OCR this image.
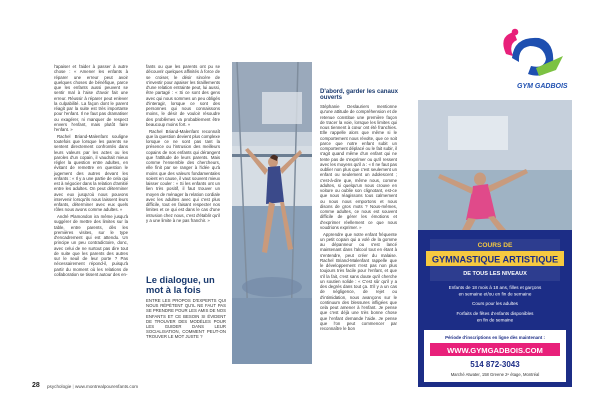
l'apaiser et l'aider à passer à autre chose : « Amener les enfants à réparer une erreur peut avoir quelques choses de bénéfique, parce que les enfants aussi peuvent se sentir mal à l'aise d'avoir fait une erreur. Réussir à réparer peut enlever la culpabilité. La façon dont le parent réagit par la suite est très importante pour l'enfant. Il ne faut pas dramatiser ou exagérer, ni manquer de respect envers l'enfant, mais plutôt faire l'enfant. »

Rachel Briand-Malenfant souligne toutefois que lorsque les parents se sentent directement confrontés dans leurs valeurs par les actes ou les paroles d'un copain, il vaudrait mieux régler la question entre adultes, en évitant de remettre en question le jugement des autres devant les enfants : « Il y a une partie de cela qui est à négocier dans la relation d'amitié entre les adultes. On peut déterminer avec eux jusqu'où nous pouvons intervenir lorsqu'ils nous laissent leurs enfants, déterminer avec eux quels rôles nous avons comme adultes. »

André Plamondon ira même jusqu'à suggérer de mettre des limites sur la table, entre parents, dès les premières visites, sur le type d'encadrement qui est attendu. Un principe un peu contradictoire, donc, avec celui de ne surtout pas dire tout de suite que les parents des autres sur le seuil de leur porte ? Pas nécessairement répond-il, puisqu'à partir du moment où les relations de collaboration se tissent autour des en-

fants ou que les parents ont pu se découvrir quelques affinités à force de se croiser, le désir sincère de s'investir pour apaiser les tiraillements d'une relation entrainte peut, lui aussi, être partagé : « Si ce sont des gens avec qui nous sommes un peu obligés d'interagir, lorsque ce sont des personnes qui nous connaissons moins, le désir de vouloir résoudre des problèmes va probablement être beaucoup moins fort. »

Rachel Briand-Malenfant reconnaît que la question devient plus complexe lorsque ce ne sont pas tant la présence ou l'intrusion des meilleurs copains de nos enfants qui dérangent que l'attitude de leurs parents. Mais comme l'ensemble des chercheurs, elle finit par se ranger à l'idée qu'à moins que des valeurs fondamentales soient en cause, il vaut souvent mieux laisser couler : « Si les enfants ont un lien très positif, il faut trouver un moyen de ménager la relation cordiale avec les adultes avec qui c'est plus difficile, tout en faisant respecter nos limites et ce qui est dans le cas d'une intrusion chez nous, c'est d'établir qu'il y a une limite à ne pas franchir. »

Le dialogue, un mot à la fois
ENTRE LES PROPOS D'EXPERTS QUI NOUS RÉPÈTENT QU'IL NE FAUT PAS SE PRENDRE POUR LES AMIS DE NOS ENFANTS ET CE BESOIN SI ÉVIDENT DE TROUVER DES MODÈLES POUR LES GUIDER DANS LEUR SOCIALISATION, COMMENT PEUT-ON TROUVER LE MOT JUSTE ?
D'abord, garder les canaux ouverts

Stéphanie Deslauriers mentionne qu'une attitude de compréhension et de retenue constitue une première façon de tracer la voie, lorsque les limites qui nous tiennent à cœur ont été franchies. Elle rappelle alors que même si le comportement nous révolte, que ce soit parce que notre enfant subit un comportement déplacé ou le fait subir, il s'agit quand même d'un enfant qui ne tente pas de s'exprimer ou qu'il ressent avec les moyens qu'il a : « Il ne faut pas oublier non plus que c'est seulement un enfant ou seulement un adolescent ; c'est-à-dire que, même nous, comme adultes, si quelqu'un nous crouve en voiture ou oublie son clignotant, est-ce que nous réagissons tous calmement ou nous nous emportons et nous disons de gros mots ? Nous-mêmes, comme adultes, ce nous est souvent difficile de gérer les émotions et d'exprimer réellement ce que nous voudrions exprimer. »

Apprendre que notre enfant fréquente un petit copain qui a volé de la gomme au dépanneur ou s'est lancé maintenant dans l'alcool tout en étant à s'entendre, peut créer du malaise. Rachel Briand-Malenfant rappelle que le développement n'est pas non plus toujours très facile pour l'enfant, et que s'il la fait, c'est sans doute qu'il cherche un soutien solide : « C'est sûr qu'il y a des degrés dans tout ça. S'il y a un cas de négligence, de rejet ou d'intimidation, nous avançons sur le continuum des blessures infligées que cela peut amener à l'enfant. Je pense que c'est déjà une très bonne chose que l'enfant demande l'aide. Je pense que l'on peut commencer par reconnaître le bon

28 psychologie | www.montrealpourenfants.com
GYM GADBOIS
COURS DE
GYMNASTIQUE ARTISTIQUE
DE TOUS LES NIVEAUX
Enfants de 18 mois à 18 ans, filles et garçons
en semaine et/ou en fin de semaine
Cours pour les adultes
Forfaits de fêtes d'enfants disponibles
en fin de semaine
Période d'inscriptions en ligne dès maintenant :
WWW.GYMGADBOIS.COM
514 872-3043
Marché Atwater, 158 Greene 2ᵉ étage, Montréal
